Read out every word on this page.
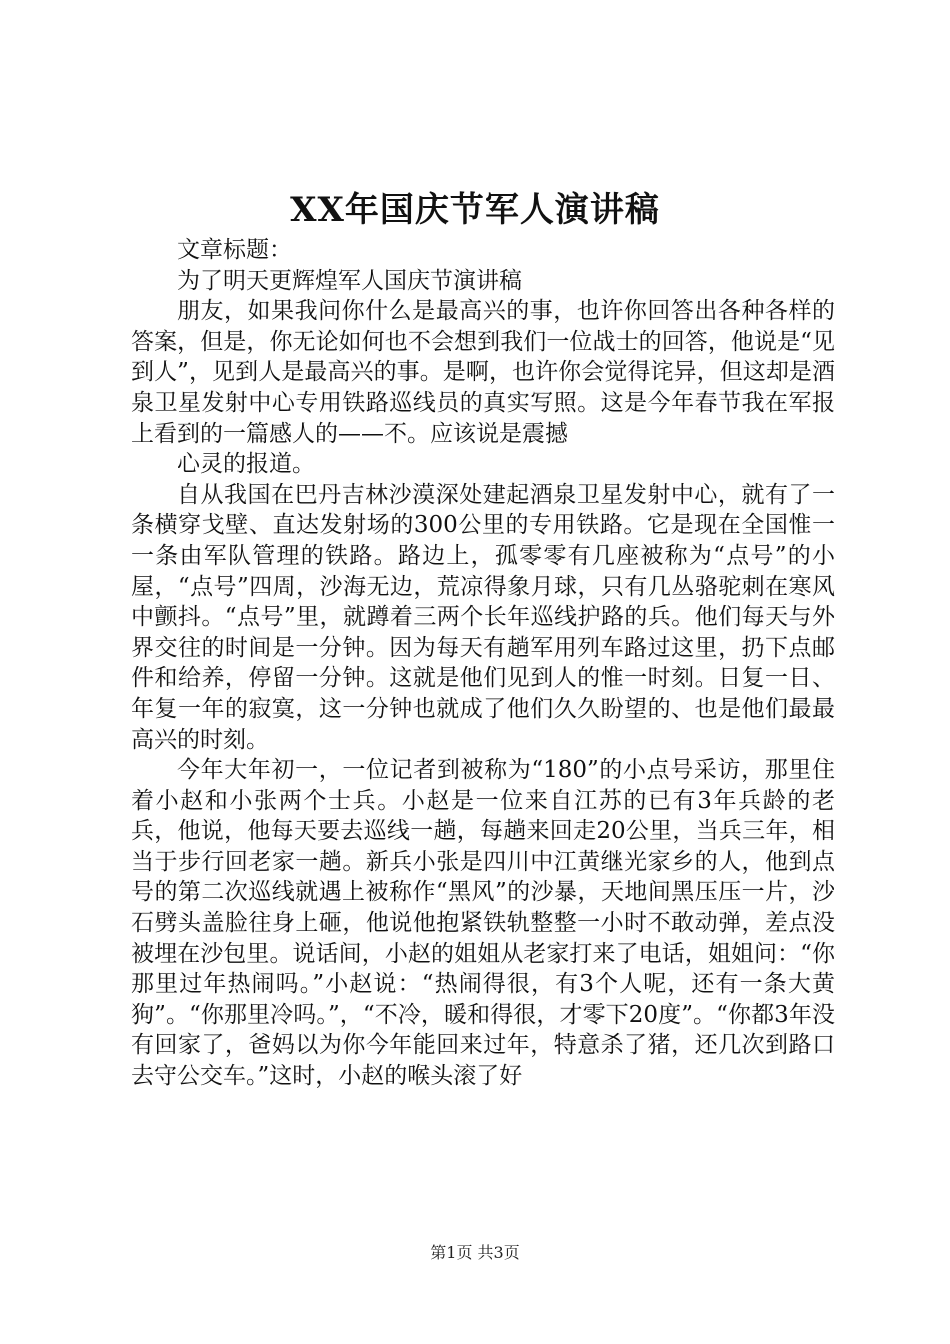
XX年国庆节军人演讲稿

文章标题：

为了明天更辉煌军人国庆节演讲稿

朋友，如果我问你什么是最高兴的事，也许你回答出各种各样的答案，但是，你无论如何也不会想到我们一位战士的回答，他说是“见到人”，见到人是最高兴的事。是啊，也许你会觉得诧异，但这却是酒泉卫星发射中心专用铁路巡线员的真实写照。这是今年春节我在军报上看到的一篇感人的——不。应该说是震撼

心灵的报道。

自从我国在巴丹吉林沙漠深处建起酒泉卫星发射中心，就有了一条横穿戈壁、直达发射场的300公里的专用铁路。它是现在全国惟一一条由军队管理的铁路。路边上，孤零零有几座被称为“点号”的小屋，“点号”四周，沙海无边，荒凉得象月球，只有几丛骆驼刺在寒风中颤抖。“点号”里，就蹲着三两个长年巡线护路的兵。他们每天与外界交往的时间是一分钟。因为每天有趟军用列车路过这里，扔下点邮件和给养，停留一分钟。这就是他们见到人的惟一时刻。日复一日、年复一年的寂寞，这一分钟也就成了他们久久盼望的、也是他们最最高兴的时刻。

今年大年初一，一位记者到被称为“180”的小点号采访，那里住着小赵和小张两个士兵。小赵是一位来自江苏的已有3年兵龄的老兵，他说，他每天要去巡线一趟，每趟来回走20公里，当兵三年，相当于步行回老家一趟。新兵小张是四川中江黄继光家乡的人，他到点号的第二次巡线就遇上被称作“黑风”的沙暴，天地间黑压压一片，沙石劈头盖脸往身上砸，他说他抱紧铁轨整整一小时不敢动弹，差点没被埋在沙包里。说话间，小赵的姐姐从老家打来了电话，姐姐问：“你那里过年热闹吗。”小赵说：“热闹得很，有3个人呢，还有一条大黄狗”。“你那里冷吗。”，“不冷，暖和得很，才零下20度”。“你都3年没有回家了，爸妈以为你今年能回来过年，特意杀了猪，还几次到路口去守公交车。”这时，小赵的喉头滚了好

第1页 共3页
